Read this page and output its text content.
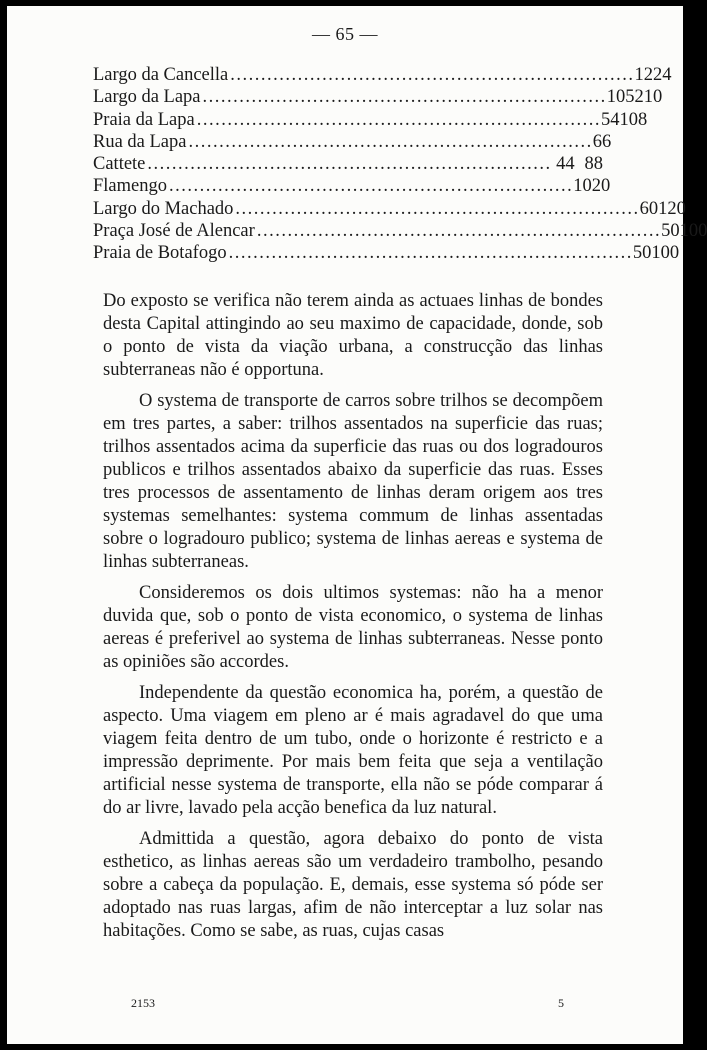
— 65 —
Largo da Cancella .................................................................. 12 24
Largo da Lapa .................................................................. 105 210
Praia da Lapa .................................................................. 54 108
Rua da Lapa .................................................................. 6 6
Cattete .................................................................. 44 88
Flamengo .................................................................. 10 20
Largo do Machado .................................................................. 60 120
Praça José de Alencar .................................................................. 50 100
Praia de Botafogo .................................................................. 50 100

Do exposto se verifica não terem ainda as actuaes linhas de bondes desta Capital attingindo ao seu maximo de capacidade, donde, sob o ponto de vista da viação urbana, a construcção das linhas subterraneas não é opportuna.

O systema de transporte de carros sobre trilhos se decompõem em tres partes, a saber: trilhos assentados na superficie das ruas; trilhos assentados acima da superficie das ruas ou dos logradouros publicos e trilhos assentados abaixo da superficie das ruas. Esses tres processos de assentamento de linhas deram origem aos tres systemas semelhantes: systema commum de linhas assentadas sobre o logradouro publico; systema de linhas aereas e systema de linhas subterraneas.

Consideremos os dois ultimos systemas: não ha a menor duvida que, sob o ponto de vista economico, o systema de linhas aereas é preferivel ao systema de linhas subterraneas. Nesse ponto as opiniões são accordes.

Independente da questão economica ha, porém, a questão de aspecto. Uma viagem em pleno ar é mais agradavel do que uma viagem feita dentro de um tubo, onde o horizonte é restricto e a impressão deprimente. Por mais bem feita que seja a ventilação artificial nesse systema de transporte, ella não se póde comparar á do ar livre, lavado pela acção benefica da luz natural.

Admittida a questão, agora debaixo do ponto de vista esthetico, as linhas aereas são um verdadeiro trambolho, pesando sobre a cabeça da população. E, demais, esse systema só póde ser adoptado nas ruas largas, afim de não interceptar a luz solar nas habitações. Como se sabe, as ruas, cujas casas

2153	5
